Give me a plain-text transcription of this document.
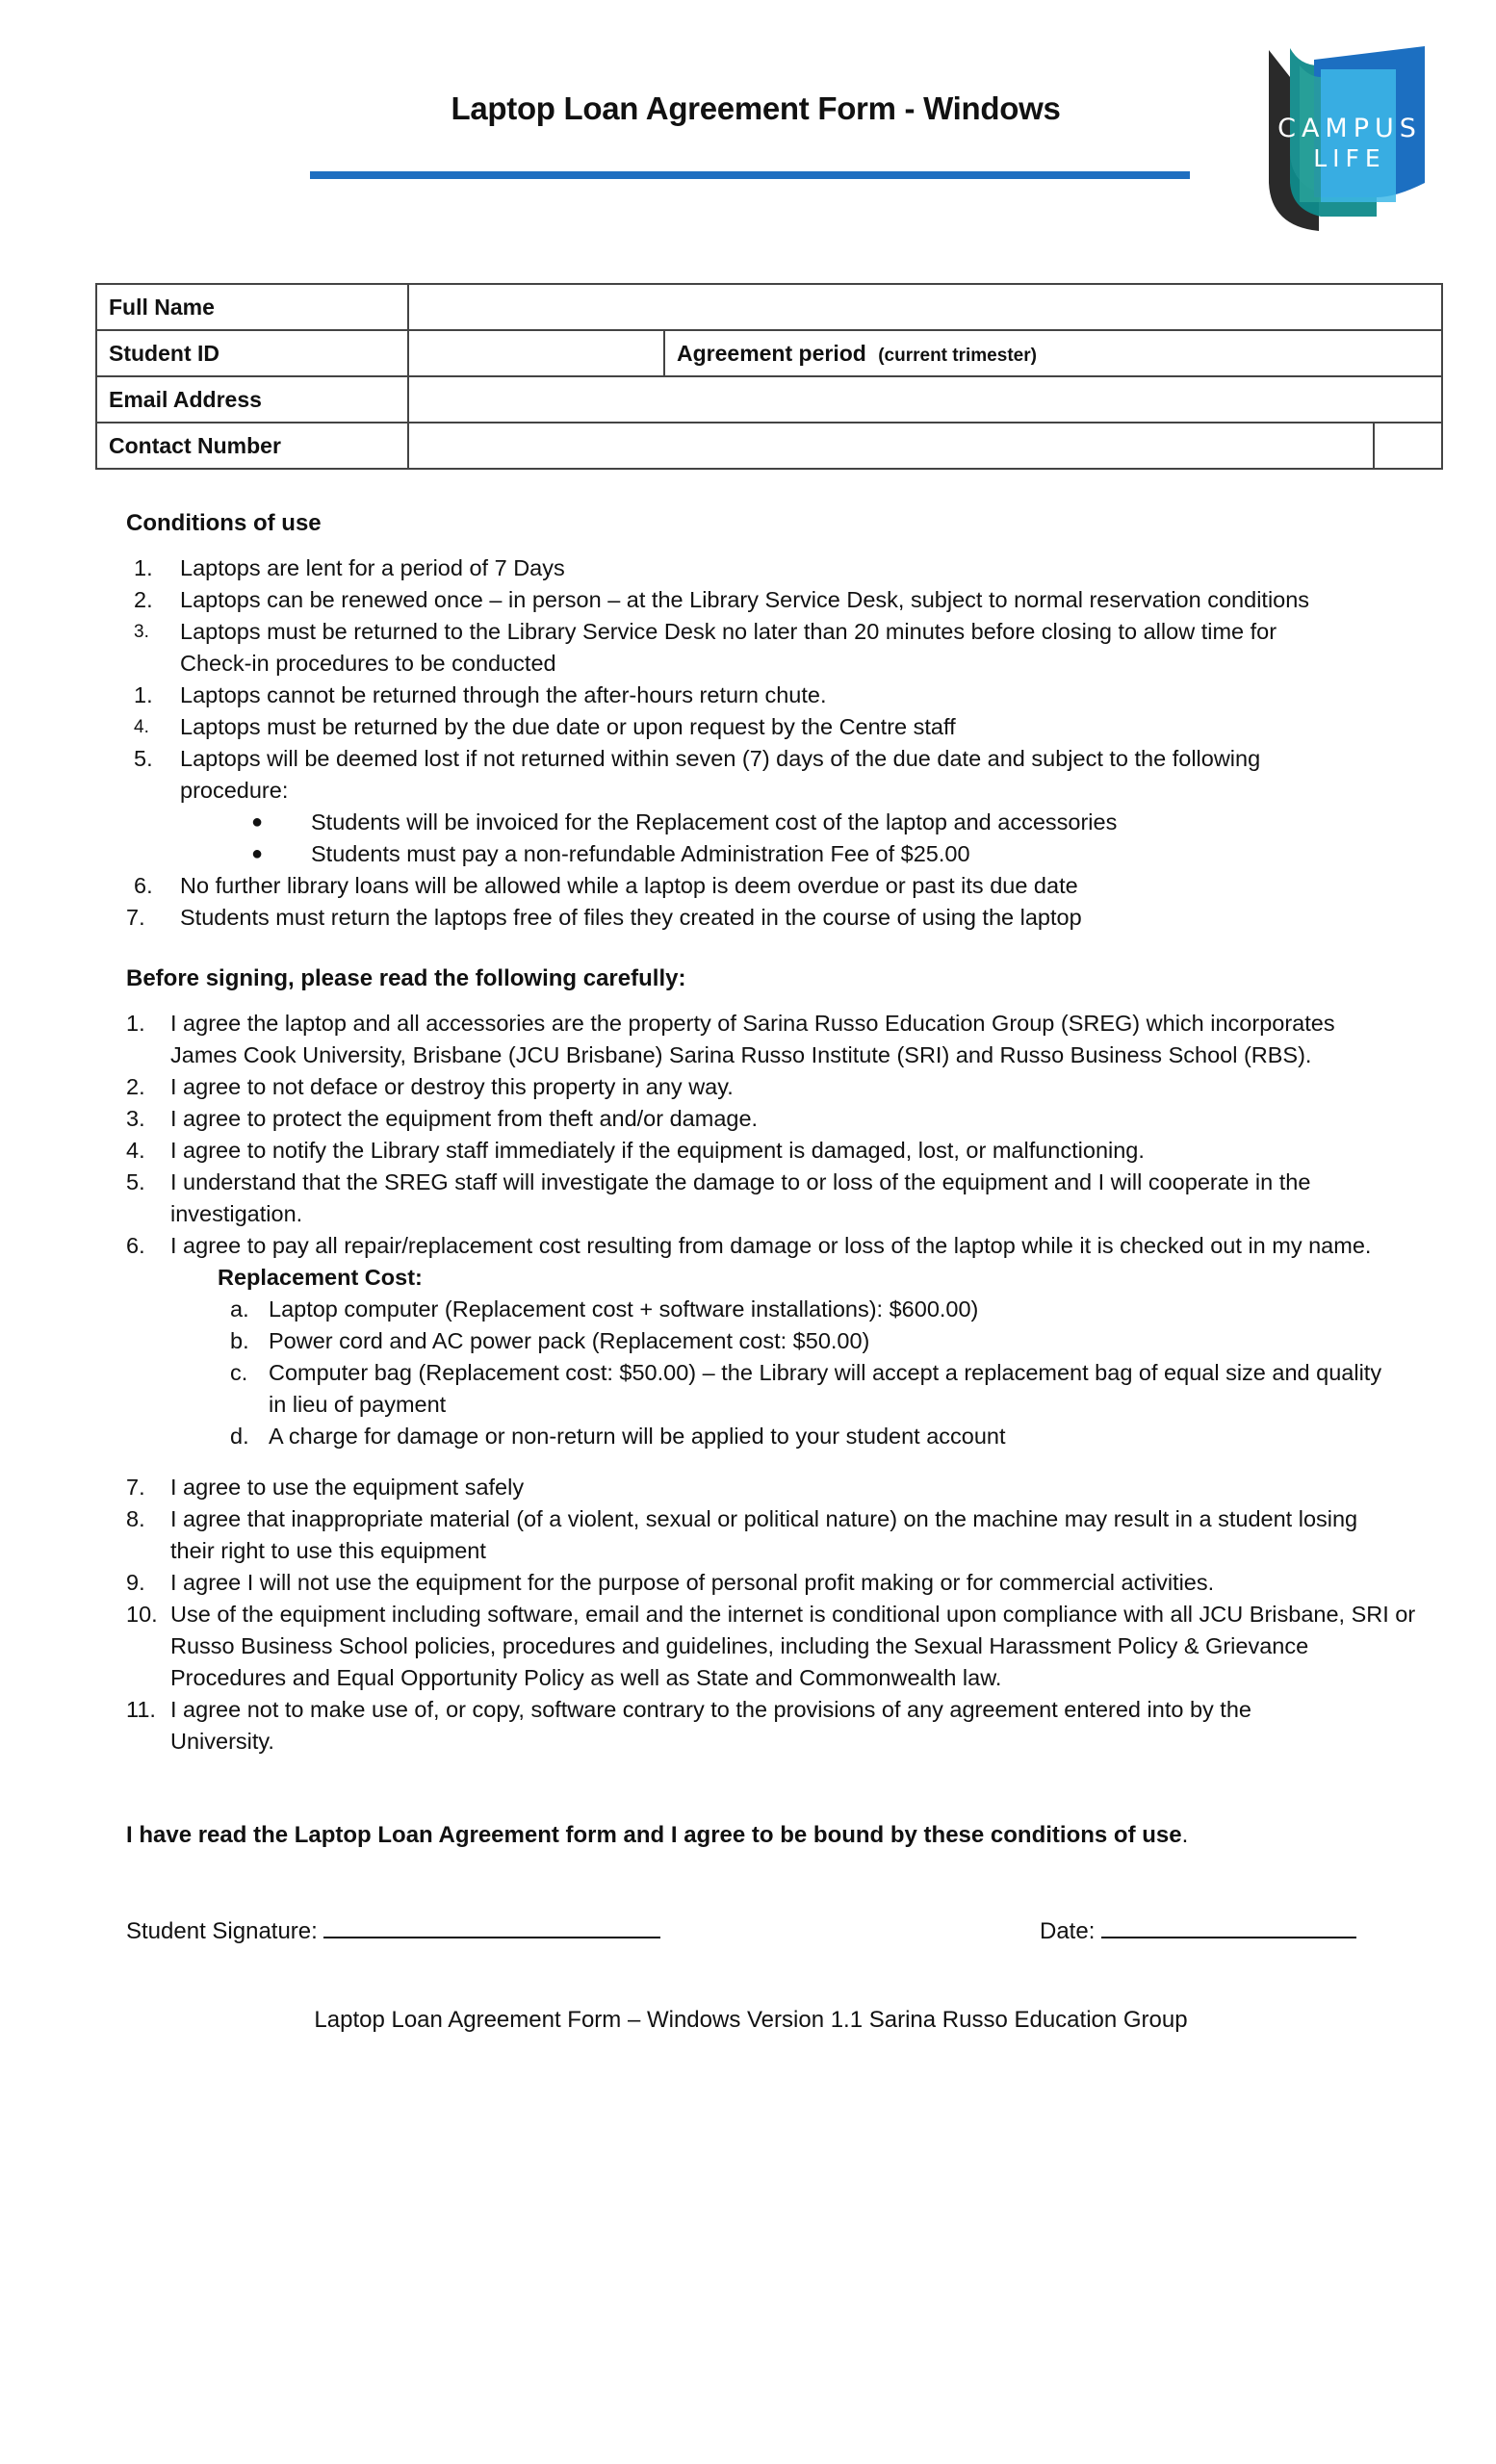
Laptop Loan Agreement Form - Windows
CAMPUS
LIFE
Full Name			
Student ID		Agreement period (current trimester)	
Email Address			
Contact Number			
Conditions of use
1.	Laptops are lent for a period of 7 Days
2.	Laptops can be renewed once – in person – at the Library Service Desk, subject to normal reservation conditions
3.	Laptops must be returned to the Library Service Desk no later than 20 minutes before closing to allow time for Check-in procedures to be conducted
1.	Laptops cannot be returned through the after-hours return chute.
4.	Laptops must be returned by the due date or upon request by the Centre staff
5.	Laptops will be deemed lost if not returned within seven (7) days of the due date and subject to the following procedure:
●	Students will be invoiced for the Replacement cost of the laptop and accessories
●	Students must pay a non-refundable Administration Fee of $25.00
6.	No further library loans will be allowed while a laptop is deem overdue or past its due date
7.	Students must return the laptops free of files they created in the course of using the laptop
Before signing, please read the following carefully:
1.	I agree the laptop and all accessories are the property of Sarina Russo Education Group (SREG) which incorporates James Cook University, Brisbane (JCU Brisbane) Sarina Russo Institute (SRI) and Russo Business School (RBS).
2.	I agree to not deface or destroy this property in any way.
3.	I agree to protect the equipment from theft and/or damage.
4.	I agree to notify the Library staff immediately if the equipment is damaged, lost, or malfunctioning.
5.	I understand that the SREG staff will investigate the damage to or loss of the equipment and I will cooperate in the investigation.
6.	I agree to pay all repair/replacement cost resulting from damage or loss of the laptop while it is checked out in my name.
Replacement Cost:
a. Laptop computer (Replacement cost + software installations): $600.00)
b. Power cord and AC power pack (Replacement cost: $50.00)
c. Computer bag (Replacement cost: $50.00) – the Library will accept a replacement bag of equal size and quality in lieu of payment
d. A charge for damage or non-return will be applied to your student account
7.	I agree to use the equipment safely
8.	I agree that inappropriate material (of a violent, sexual or political nature) on the machine may result in a student losing their right to use this equipment
9.	I agree I will not use the equipment for the purpose of personal profit making or for commercial activities.
10. Use of the equipment including software, email and the internet is conditional upon compliance with all JCU Brisbane, SRI or Russo Business School policies, procedures and guidelines, including the Sexual Harassment Policy & Grievance Procedures and Equal Opportunity Policy as well as State and Commonwealth law.
11. I agree not to make use of, or copy, software contrary to the provisions of any agreement entered into by the University.
I have read the Laptop Loan Agreement form and I agree to be bound by these conditions of use.
Student Signature:	Date:
Laptop Loan Agreement Form – Windows Version 1.1 Sarina Russo Education Group
